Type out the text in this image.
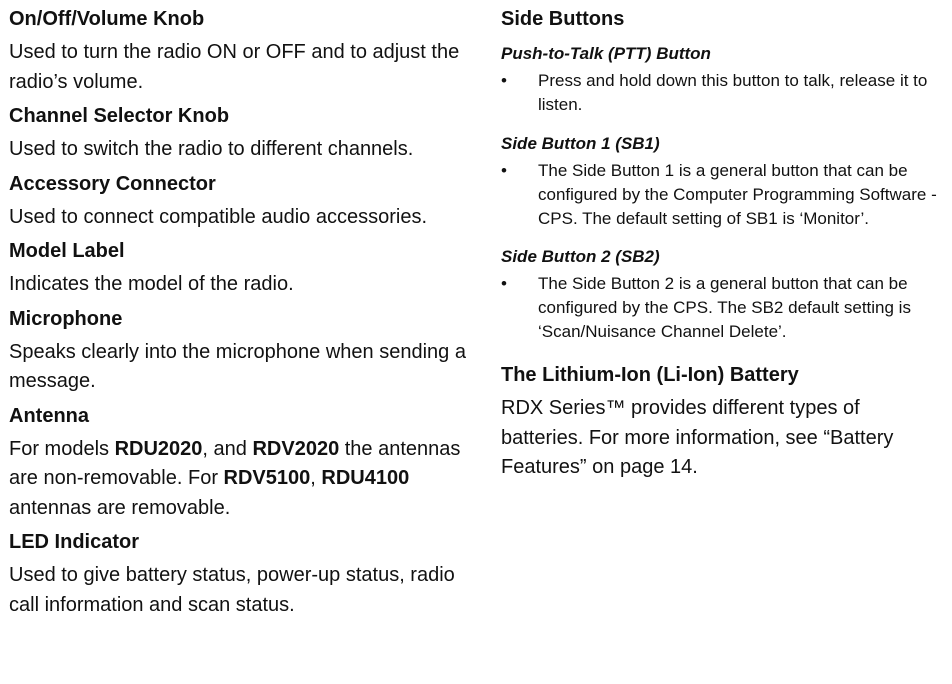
On/Off/Volume Knob

Used to turn the radio ON or OFF and to adjust the radio’s volume.

Channel Selector Knob

Used to switch the radio to different channels.

Accessory Connector

Used to connect compatible audio accessories.

Model Label

Indicates the model of the radio.

Microphone

Speaks clearly into the microphone when sending a message.

Antenna

For models RDU2020, and RDV2020 the antennas are non-removable. For RDV5100, RDU4100 antennas are removable.

LED Indicator

Used to give battery status, power-up status, radio call information and scan status.

Side Buttons

Push-to-Talk (PTT) Button

•	Press and hold down this button to talk, release it to listen.

Side Button 1 (SB1)

•	The Side Button 1 is a general button that can be configured by the Computer Programming Software - CPS. The default setting of SB1 is ‘Monitor’.

Side Button 2 (SB2)

•	The Side Button 2 is a general button that can be configured by the CPS. The SB2 default setting is ‘Scan/Nuisance Channel Delete’.

The Lithium-Ion (Li-Ion) Battery

RDX Series™ provides different types of batteries. For more information, see “Battery Features” on page 14.
